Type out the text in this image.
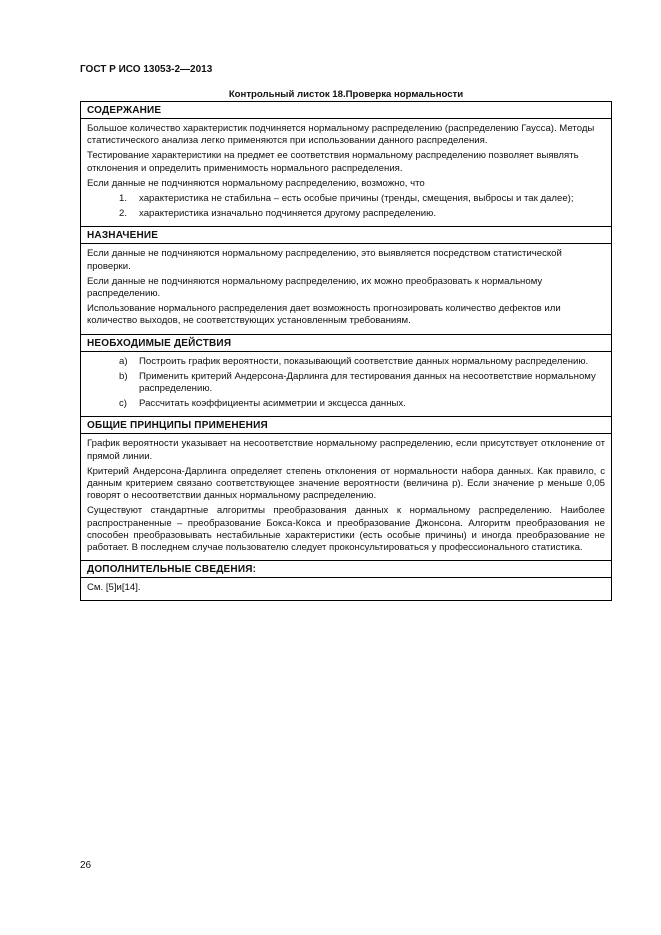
ГОСТ Р ИСО 13053-2—2013
Контрольный листок 18.Проверка нормальности
СОДЕРЖАНИЕ

Большое количество характеристик подчиняется нормальному распределению (распределению Гаусса). Методы статистического анализа легко применяются при использовании данного распределения.

Тестирование характеристики на предмет ее соответствия нормальному распределению позволяет выявлять отклонения и определить применимость нормального распределения.

Если данные не подчиняются нормальному распределению, возможно, что

1. характеристика не стабильна – есть особые причины (тренды, смещения, выбросы и так далее);
2. характеристика изначально подчиняется другому распределению.
НАЗНАЧЕНИЕ

Если данные не подчиняются нормальному распределению, это выявляется посредством статистической проверки.

Если данные не подчиняются нормальному распределению, их можно преобразовать к нормальному распределению.

Использование нормального распределения дает возможность прогнозировать количество дефектов или количество выходов, не соответствующих установленным требованиям.

НЕОБХОДИМЫЕ ДЕЙСТВИЯ
a) Построить график вероятности, показывающий соответствие данных нормальному распределению.
b) Применить критерий Андерсона-Дарлинга для тестирования данных на несоответствие нормальному распределению.
c) Рассчитать коэффициенты асимметрии и эксцесса данных.
ОБЩИЕ ПРИНЦИПЫ ПРИМЕНЕНИЯ

График вероятности указывает на несоответствие нормальному распределению, если присутствует отклонение от прямой линии.

Критерий Андерсона-Дарлинга определяет степень отклонения от нормальности набора данных. Как правило, с данным критерием связано соответствующее значение вероятности (величина p). Если значение p меньше 0,05 говорят о несоответствии данных нормальному распределению.

Существуют стандартные алгоритмы преобразования данных к нормальному распределению. Наиболее распространенные – преобразование Бокса-Кокса и преобразование Джонсона. Алгоритм преобразования не способен преобразовывать нестабильные характеристики (есть особые причины) и иногда преобразование не работает. В последнем случае пользователю следует проконсультироваться у профессионального статистика.

ДОПОЛНИТЕЛЬНЫЕ СВЕДЕНИЯ:

См. [5]и[14].

26
